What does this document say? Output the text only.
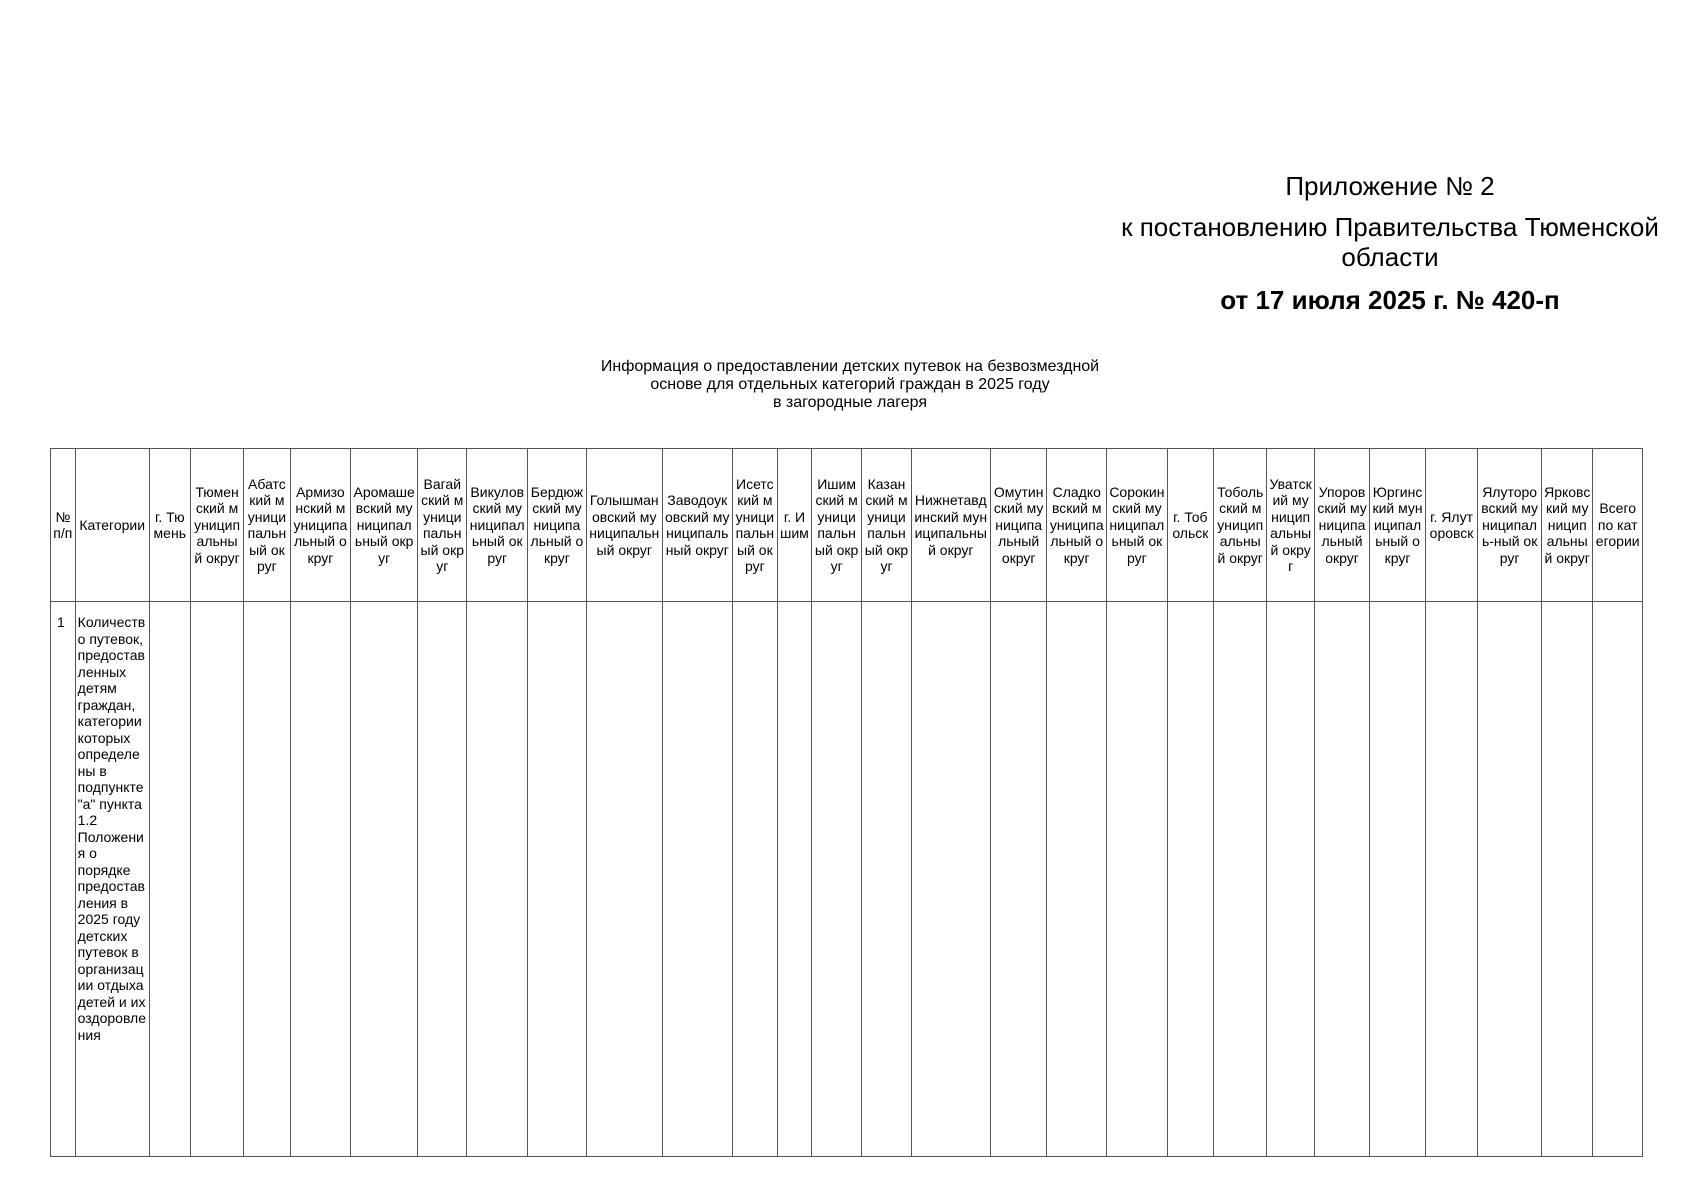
Приложение № 2
к постановлению Правительства Тюменской области
от 17 июля 2025 г. № 420-п
Информация о предоставлении детских путевок на безвозмездной
основе для отдельных категорий граждан в 2025 году
в загородные лагеря
№ п/п	Категории	г. Тюмень	Тюменский муниципальный округ	Абатский муниципальный округ	Армизонский муниципальный округ	Аромашевский муниципальный округ	Вагайский муниципальный округ	Викуловский муниципальный округ	Бердюжский муниципальный округ	Голышмановский муниципальный округ	Заводоуковский муниципальный округ	Исетский муниципальный округ	г. Ишим	Ишимский муниципальный округ	Казанский муниципальный округ	Нижнетавдинский муниципальный округ	Омутинский муниципальный округ	Сладковский муниципальный округ	Сорокинский муниципальный округ	г. Тобольск	Тобольский муниципальный округ	Уватский муниципальный округ	Упоровский муниципальный округ	Юргинский муниципальный округ	г. Ялуторовск	Ялуторовский муниципаль-ный округ	Ярковский муниципальный округ	Всего по категории
1	Количество путевок, предоставленных детям граждан, категории которых определены в подпункте "а" пункта 1.2 Положения о порядке предоставления в 2025 году детских путевок в организации отдыха детей и их оздоровления																											
